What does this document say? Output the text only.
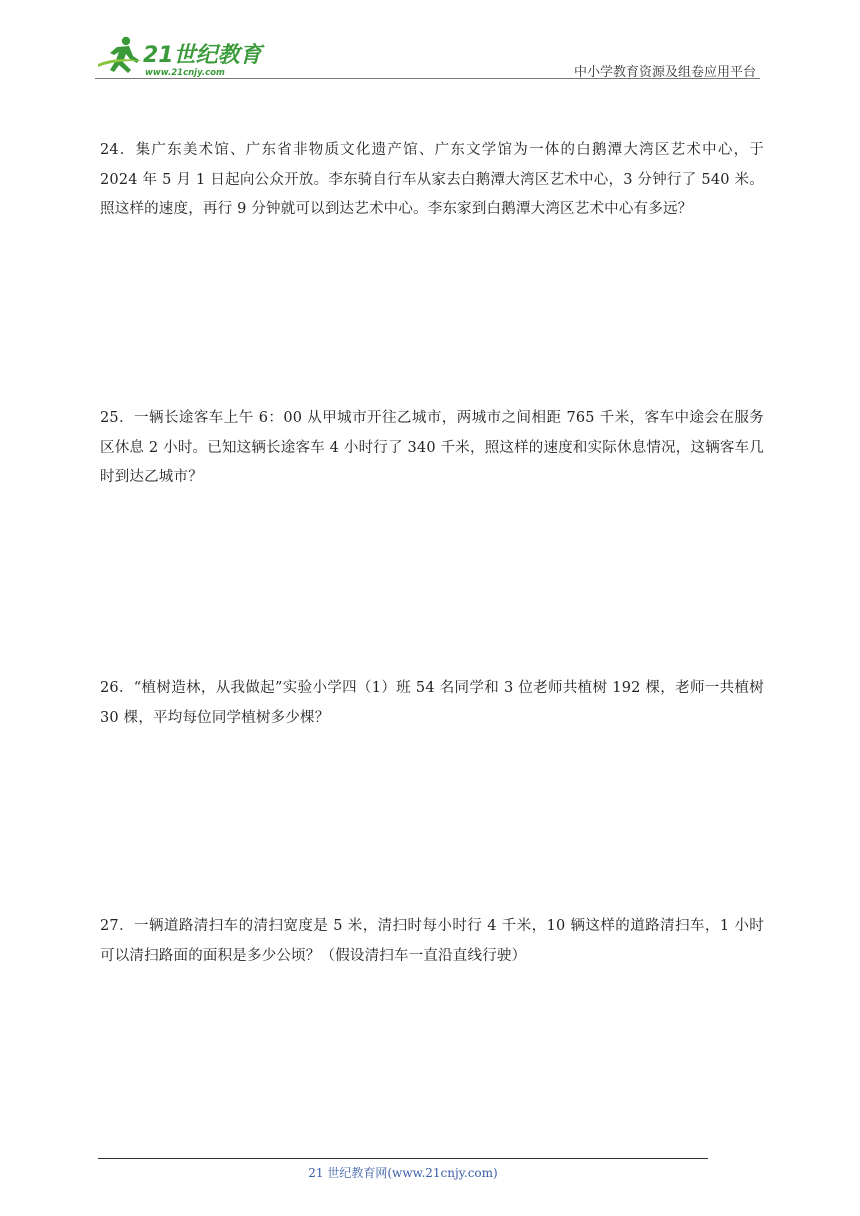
21世纪教育
www.21cnjy.com	中小学教育资源及组卷应用平台
24．集广东美术馆、广东省非物质文化遗产馆、广东文学馆为一体的白鹅潭大湾区艺术中心，于 2024 年 5 月 1 日起向公众开放。李东骑自行车从家去白鹅潭大湾区艺术中心，3 分钟行了 540 米。照这样的速度，再行 9 分钟就可以到达艺术中心。李东家到白鹅潭大湾区艺术中心有多远？
25．一辆长途客车上午 6：00 从甲城市开往乙城市，两城市之间相距 765 千米，客车中途会在服务区休息 2 小时。已知这辆长途客车 4 小时行了 340 千米，照这样的速度和实际休息情况，这辆客车几时到达乙城市？
26．“植树造林，从我做起”实验小学四（1）班 54 名同学和 3 位老师共植树 192 棵，老师一共植树 30 棵，平均每位同学植树多少棵？
27．一辆道路清扫车的清扫宽度是 5 米，清扫时每小时行 4 千米，10 辆这样的道路清扫车，1 小时可以清扫路面的面积是多少公顷？（假设清扫车一直沿直线行驶）
21 世纪教育网(www.21cnjy.com)
